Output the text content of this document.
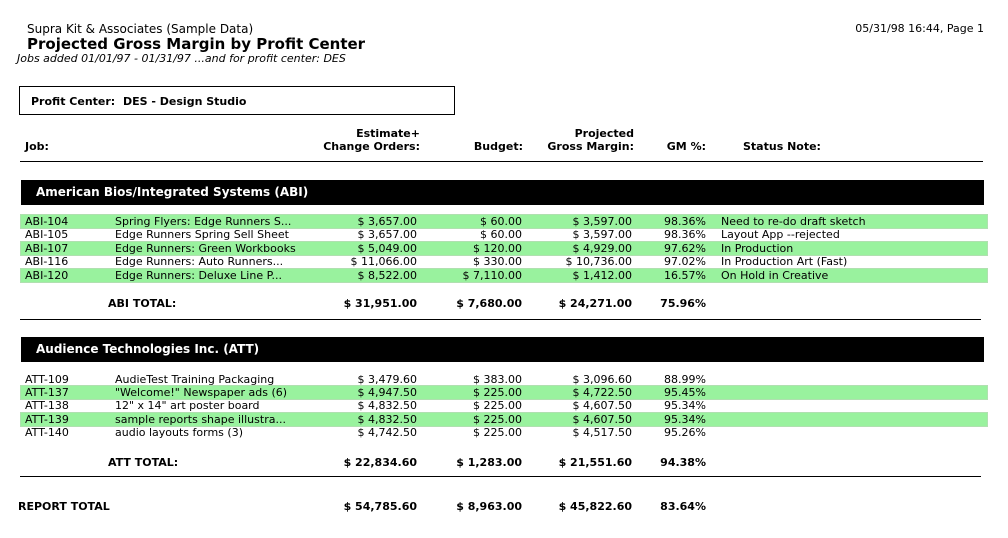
Supra Kit & Associates (Sample Data)
Projected Gross Margin by Profit Center
Jobs added 01/01/97 - 01/31/97 ...and for profit center: DES
05/31/98 16:44, Page 1
Profit Center: DES - Design Studio
Job:
Estimate+
Change Orders:	Budget:
Projected
Gross Margin:	GM %:	Status Note:
American Bios/Integrated Systems (ABI)
ABI-104	Spring Flyers: Edge Runners S...	$ 3,657.00	$ 60.00	$ 3,597.00	98.36% Need to re-do draft sketch
ABI-105	Edge Runners Spring Sell Sheet	$ 3,657.00	$ 60.00	$ 3,597.00	98.36% Layout App --rejected
ABI-107	Edge Runners: Green Workbooks	$ 5,049.00	$ 120.00	$ 4,929.00	97.62% In Production
ABI-116	Edge Runners: Auto Runners...	$ 11,066.00	$ 330.00	$ 10,736.00	97.02% In Production Art (Fast)
ABI-120	Edge Runners: Deluxe Line P...	$ 8,522.00	$ 7,110.00	$ 1,412.00	16.57% On Hold in Creative
ABI TOTAL:	$ 31,951.00	$ 7,680.00	$ 24,271.00	75.96%
Audience Technologies Inc. (ATT)
ATT-109	AudieTest Training Packaging	$ 3,479.60	$ 383.00	$ 3,096.60	88.99%
ATT-137	"Welcome!" Newspaper ads (6)	$ 4,947.50	$ 225.00	$ 4,722.50	95.45%
ATT-138	12" x 14" art poster board	$ 4,832.50	$ 225.00	$ 4,607.50	95.34%
ATT-139	sample reports shape illustra...	$ 4,832.50	$ 225.00	$ 4,607.50	95.34%
ATT-140	audio layouts forms (3)	$ 4,742.50	$ 225.00	$ 4,517.50	95.26%
ATT TOTAL:	$ 22,834.60	$ 1,283.00	$ 21,551.60	94.38%
REPORT TOTAL	$ 54,785.60	$ 8,963.00	$ 45,822.60	83.64%
